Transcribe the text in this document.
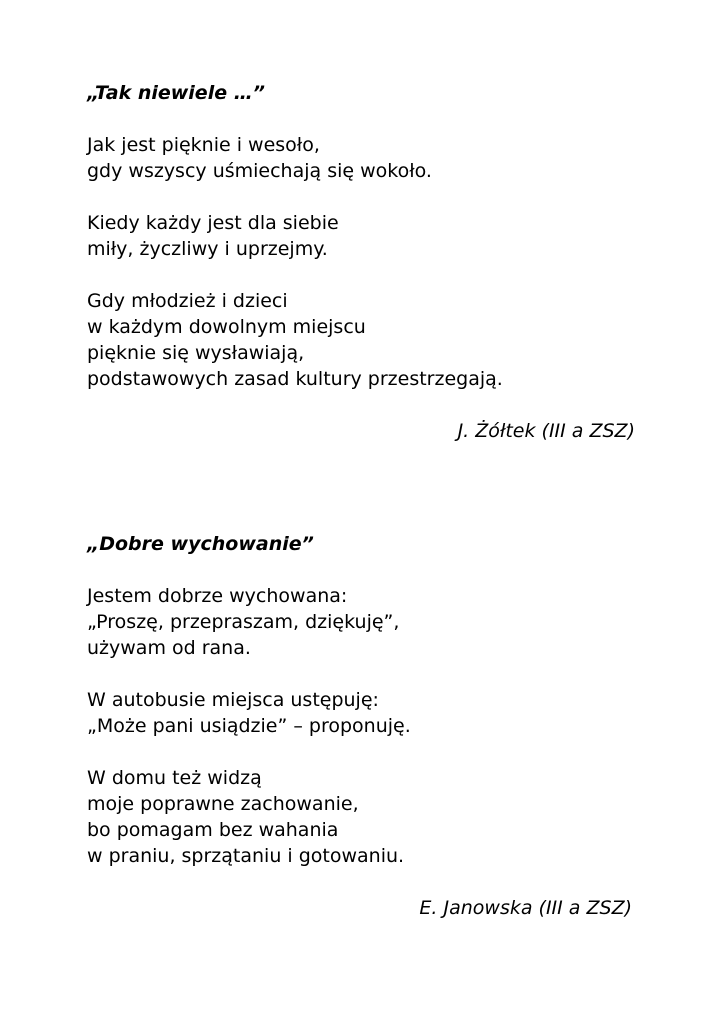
„Tak niewiele …”
Jak jest pięknie i wesoło,
gdy wszyscy uśmiechają się wokoło.
Kiedy każdy jest dla siebie
miły, życzliwy i uprzejmy.
Gdy młodzież i dzieci
w każdym dowolnym miejscu
pięknie się wysławiają,
podstawowych zasad kultury przestrzegają.
J. Żółtek (III a ZSZ)
„Dobre wychowanie”
Jestem dobrze wychowana:
„Proszę, przepraszam, dziękuję”,
używam od rana.
W autobusie miejsca ustępuję:
„Może pani usiądzie” – proponuję.
W domu też widzą
moje poprawne zachowanie,
bo pomagam bez wahania
w praniu, sprzątaniu i gotowaniu.
E. Janowska (III a ZSZ)
